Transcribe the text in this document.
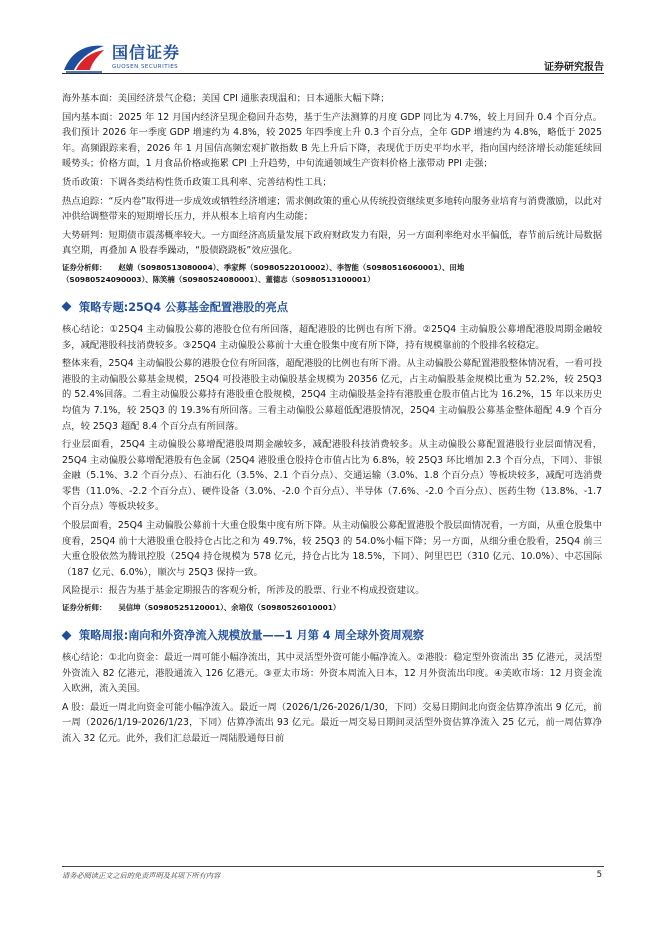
国信证券
GUOSEN SECURITIES	证券研究报告

海外基本面：美国经济景气企稳；美国 CPI 通胀表现温和；日本通胀大幅下降；

国内基本面：2025 年 12 月国内经济呈现企稳回升态势，基于生产法测算的月度 GDP 同比为 4.7%，较上月回升 0.4 个百分点。我们预计 2026 年一季度 GDP 增速约为 4.8%，较 2025 年四季度上升 0.3 个百分点，全年 GDP 增速约为 4.8%，略低于 2025 年。高频跟踪来看，2026 年 1 月国信高频宏观扩散指数 B 先上升后下降，表现优于历史平均水平，指向国内经济增长动能延续回暖势头；价格方面，1 月食品价格或拖累 CPI 上升趋势，中旬流通领域生产资料价格上涨带动 PPI 走强；

货币政策：下调各类结构性货币政策工具利率、完善结构性工具；

热点追踪：“反内卷”取得进一步成效或牺牲经济增速；需求侧政策的重心从传统投资继续更多地转向服务业培育与消费激励，以此对冲供给调整带来的短期增长压力，并从根本上培育内生动能；

大势研判：短期债市震荡概率较大。一方面经济高质量发展下政府财政发力有限，另一方面利率绝对水平偏低，春节前后统计局数据真空期，再叠加 A 股春季躁动，“股债跷跷板”效应强化。

证券分析师： 赵婧（S0980513080004）、季家辉（S0980522010002）、李智能（S0980516060001）、田地
（S0980524090003）、陈笑楠（S0980524080001）、董德志（S0980513100001）
策略专题:25Q4 公募基金配置港股的亮点

核心结论：①25Q4 主动偏股公募的港股仓位有所回落，超配港股的比例也有所下滑。②25Q4 主动偏股公募增配港股周期金融较多，减配港股科技消费较多。③25Q4 主动偏股公募前十大重仓股集中度有所下降，持有规模靠前的个股排名较稳定。

整体来看，25Q4 主动偏股公募的港股仓位有所回落，超配港股的比例也有所下滑。从主动偏股公募配置港股整体情况看，一看可投港股的主动偏股公募基金规模，25Q4 可投港股主动偏股基金规模为 20356 亿元，占主动偏股基金规模比重为 52.2%，较 25Q3 的 52.4%回落。二看主动偏股公募持有港股重仓股规模，25Q4 主动偏股基金持有港股重仓股市值占比为 16.2%，15 年以来历史均值为 7.1%，较 25Q3 的 19.3%有所回落。三看主动偏股公募超低配港股情况，25Q4 主动偏股公募基金整体超配 4.9 个百分点，较 25Q3 超配 8.4 个百分点有所回落。

行业层面看，25Q4 主动偏股公募增配港股周期金融较多，减配港股科技消费较多。从主动偏股公募配置港股行业层面情况看，25Q4 主动偏股公募增配港股有色金属（25Q4 港股重仓股持仓市值占比为 6.8%，较 25Q3 环比增加 2.3 个百分点，下同）、非银金融（5.1%、3.2 个百分点）、石油石化（3.5%、2.1 个百分点）、交通运输（3.0%、1.8 个百分点）等板块较多，减配可选消费零售（11.0%、-2.2 个百分点）、硬件设备（3.0%、-2.0 个百分点）、半导体（7.6%、-2.0 个百分点）、医药生物（13.8%、-1.7 个百分点）等板块较多。

个股层面看，25Q4 主动偏股公募前十大重仓股集中度有所下降。从主动偏股公募配置港股个股层面情况看，一方面，从重仓股集中度看，25Q4 前十大港股重仓股持仓占比之和为 49.7%，较 25Q3 的 54.0%小幅下降；另一方面，从细分重仓股看，25Q4 前三大重仓股依然为腾讯控股（25Q4 持仓规模为 578 亿元，持仓占比为 18.5%，下同）、阿里巴巴（310 亿元、10.0%）、中芯国际（187 亿元、6.0%），顺次与 25Q3 保持一致。

风险提示：报告为基于基金定期报告的客观分析，所涉及的股票、行业不构成投资建议。

证券分析师： 吴信坤（S0980525120001）、余培仪（S0980526010001）
策略周报:南向和外资净流入规模放量——1 月第 4 周全球外资周观察

核心结论：①北向资金：最近一周可能小幅净流出，其中灵活型外资可能小幅净流入。②港股：稳定型外资流出 35 亿港元，灵活型外资流入 82 亿港元，港股通流入 126 亿港元。③亚太市场：外资本周流入日本，12 月外资流出印度。④美欧市场：12 月资金流入欧洲，流入美国。

A 股：最近一周北向资金可能小幅净流入。最近一周（2026/1/26-2026/1/30，下同）交易日期间北向资金估算净流出 9 亿元，前一周（2026/1/19-2026/1/23，下同）估算净流出 93 亿元。最近一周交易日期间灵活型外资估算净流入 25 亿元，前一周估算净流入 32 亿元。此外，我们汇总最近一周陆股通每日前

请务必阅读正文之后的免责声明及其项下所有内容	5
